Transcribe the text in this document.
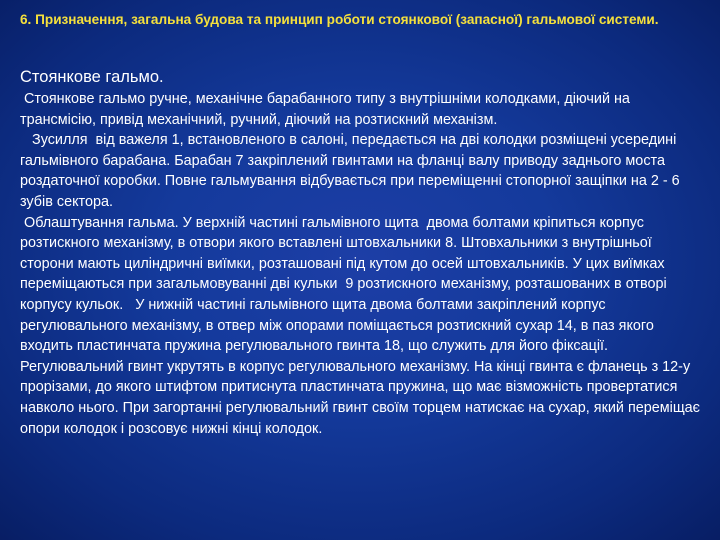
6. Призначення, загальна будова та принцип роботи стоянкової (запасної) гальмової системи.

Стоянкове гальмо.

Стоянкове гальмо ручне, механічне барабанного типу з внутрішніми колодками, діючий на трансмісію, привід механічний, ручний, діючий на розтискний механізм.

Зусилля  від важеля 1, встановленого в салоні, передається на дві колодки розміщені усередині гальмівного барабана. Барабан 7 закріплений гвинтами на фланці валу приводу заднього моста роздаточної коробки. Повне гальмування відбувається при переміщенні стопорної защіпки на 2 - 6 зубів сектора.

Облаштування гальма. У верхній частині гальмівного щита  двома болтами кріпиться корпус розтискного механізму, в отвори якого вставлені штовхальники 8. Штовхальники з внутрішньої сторони мають циліндричні виїмки, розташовані під кутом до осей штовхальників. У цих виїмках переміщаються при загальмовуванні дві кульки  9 розтискного механізму, розташованих в отворі корпусу кульок.   У нижній частині гальмівного щита двома болтами закріплений корпус регулювального механізму, в отвер між опорами поміщається розтискний сухар 14, в паз якого входить пластинчата пружина регулювального гвинта 18, що служить для його фіксації. Регулювальний гвинт укрутять в корпус регулювального механізму. На кінці гвинта є фланець з 12-у прорізами, до якого штифтом притиснута пластинчата пружина, що має візможність провертатися навколо нього. При загортанні регулювальний гвинт своїм торцем натискає на сухар, який переміщає опори колодок і розсовує нижні кінці колодок.
